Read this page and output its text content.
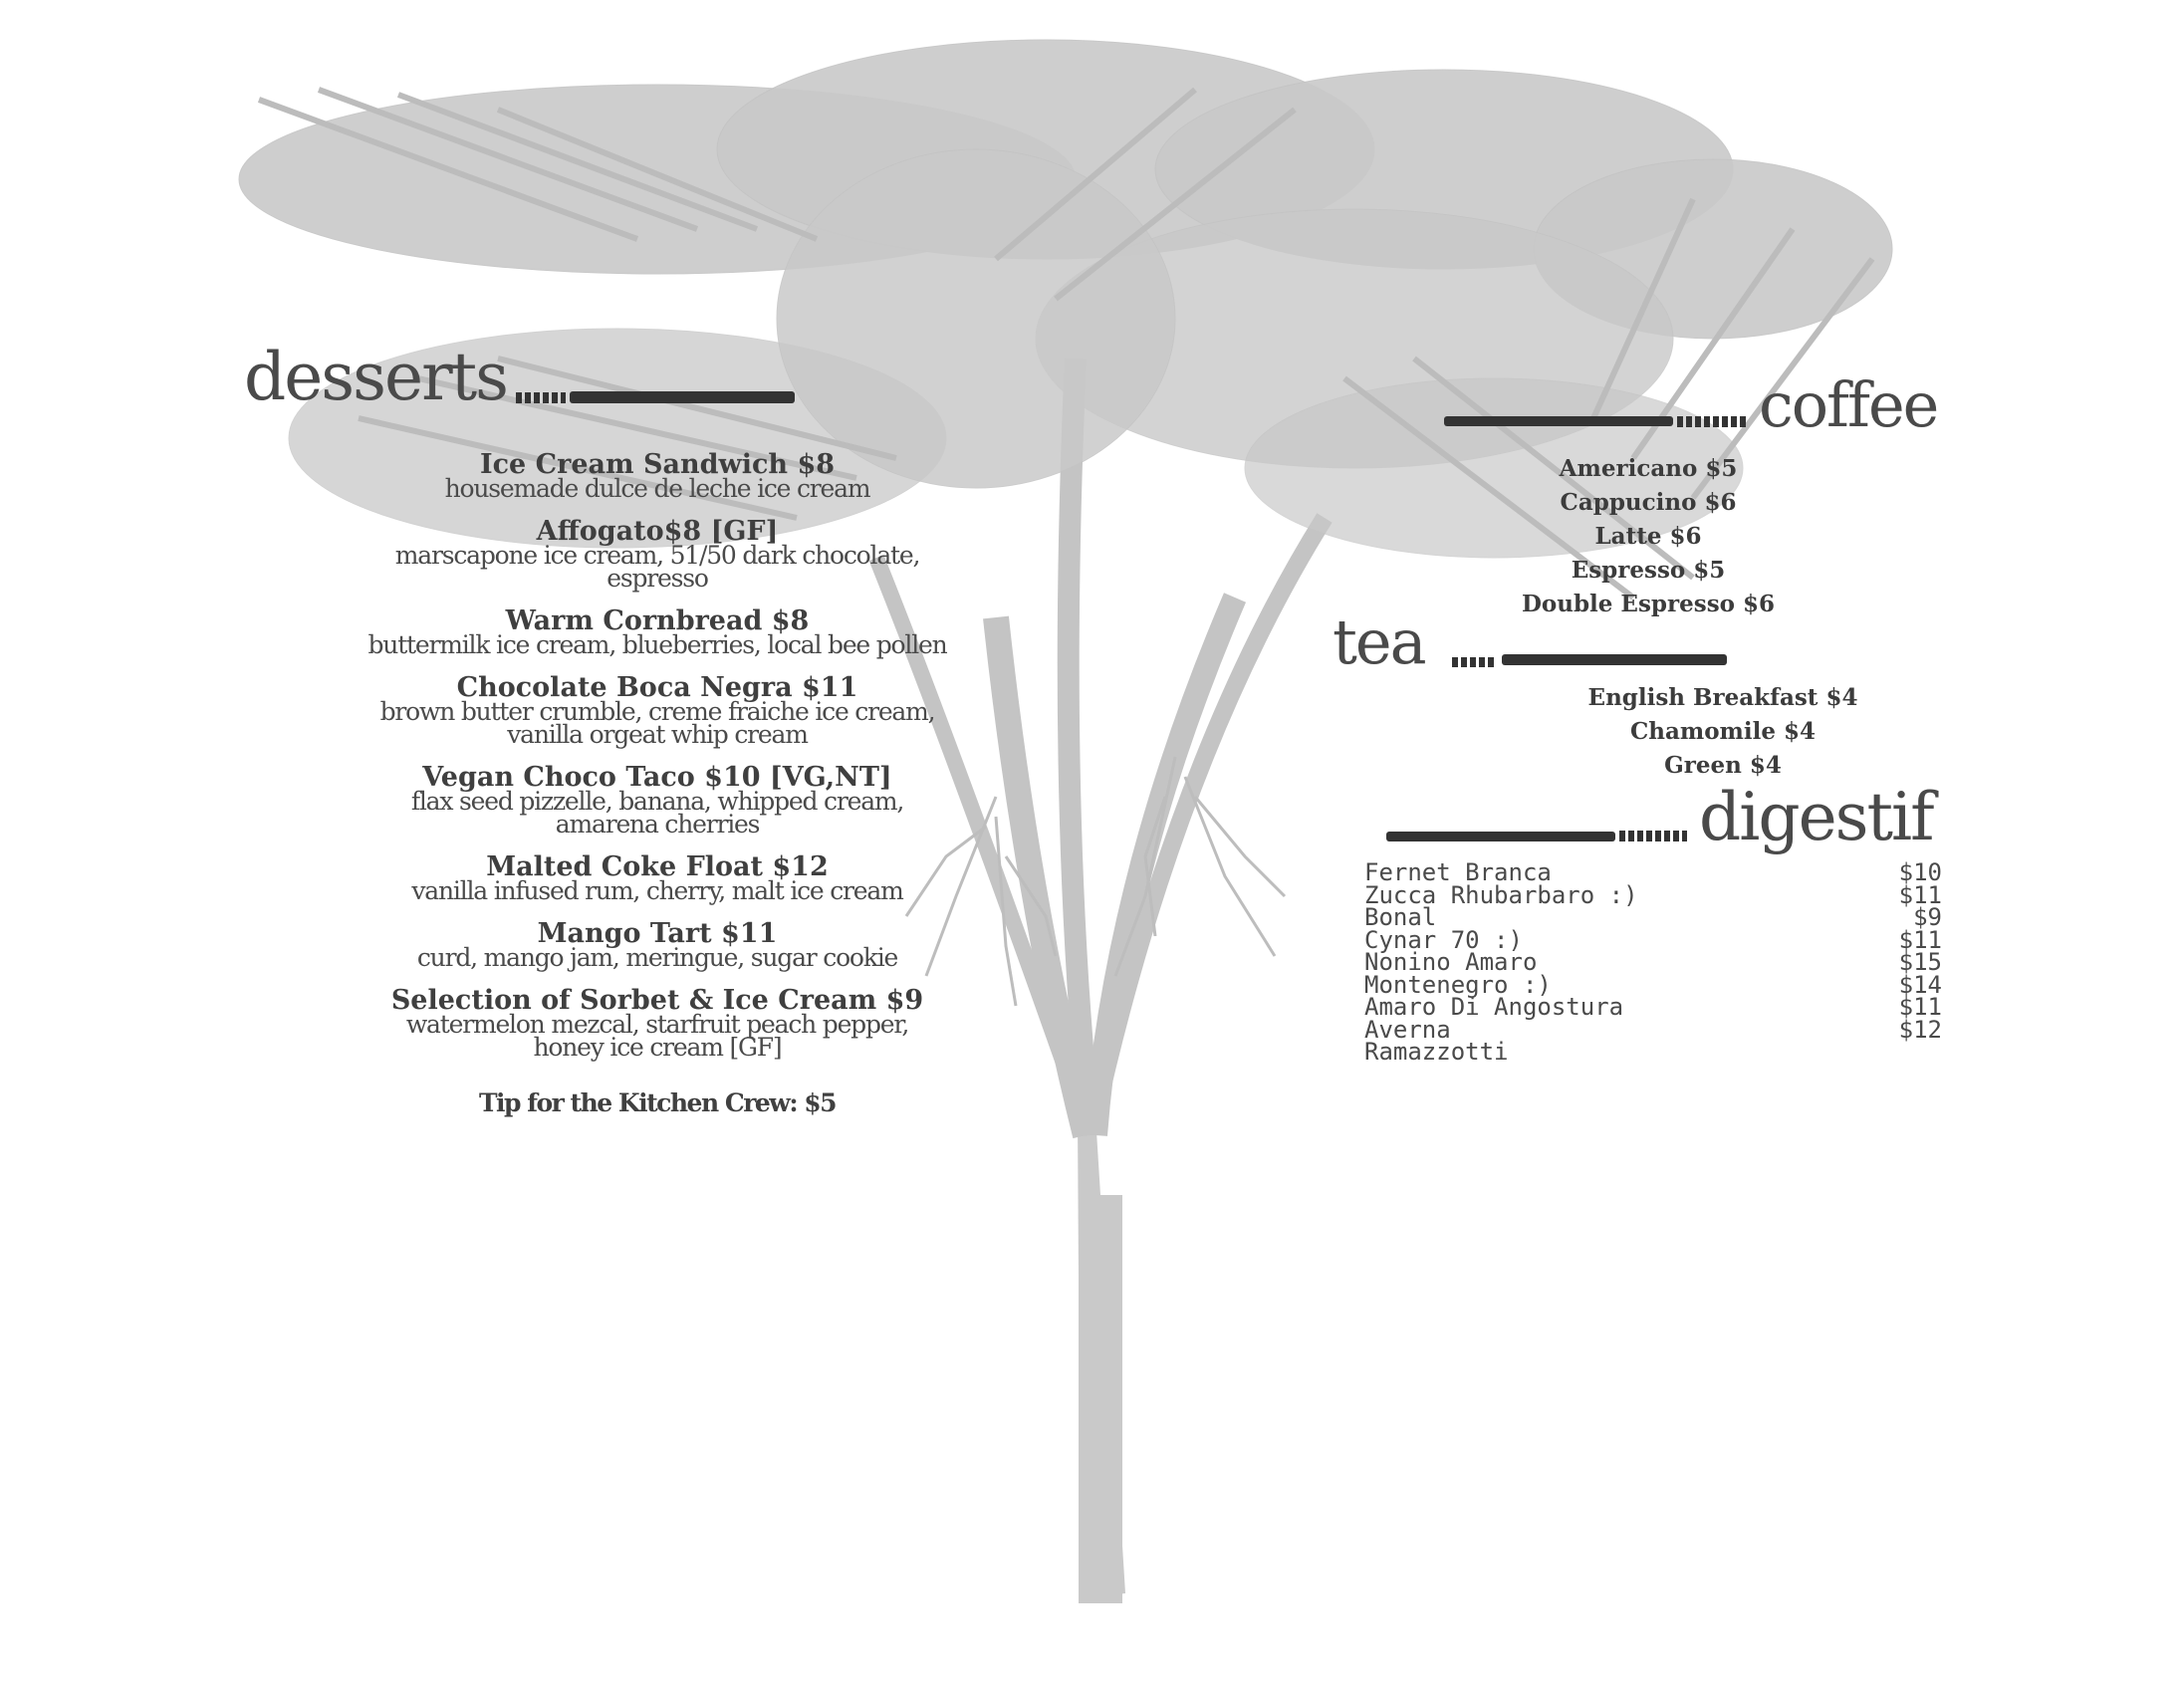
desserts
Ice Cream Sandwich $8
housemade dulce de leche ice cream
Affogato$8 [GF]
marscapone ice cream, 51/50 dark chocolate,
espresso
Warm Cornbread $8
buttermilk ice cream, blueberries, local bee pollen
Chocolate Boca Negra $11
brown butter crumble, creme fraiche ice cream,
vanilla orgeat whip cream
Vegan Choco Taco $10 [VG,NT]
flax seed pizzelle, banana, whipped cream,
amarena cherries
Malted Coke Float $12
vanilla infused rum, cherry, malt ice cream
Mango Tart $11
curd, mango jam, meringue, sugar cookie
Selection of Sorbet & Ice Cream $9
watermelon mezcal, starfruit peach pepper,
honey ice cream [GF]
Tip for the Kitchen Crew: $5
coffee
Americano $5
Cappucino $6
Latte $6
Espresso $5
Double Espresso $6
tea
English Breakfast $4
Chamomile $4
Green $4
digestif
Fernet Branca	$10
Zucca Rhubarbaro :)	$11
Bonal	$9
Cynar 70 :)	$11
Nonino Amaro	$15
Montenegro :)	$14
Amaro Di Angostura	$11
Averna	$12
Ramazzotti
